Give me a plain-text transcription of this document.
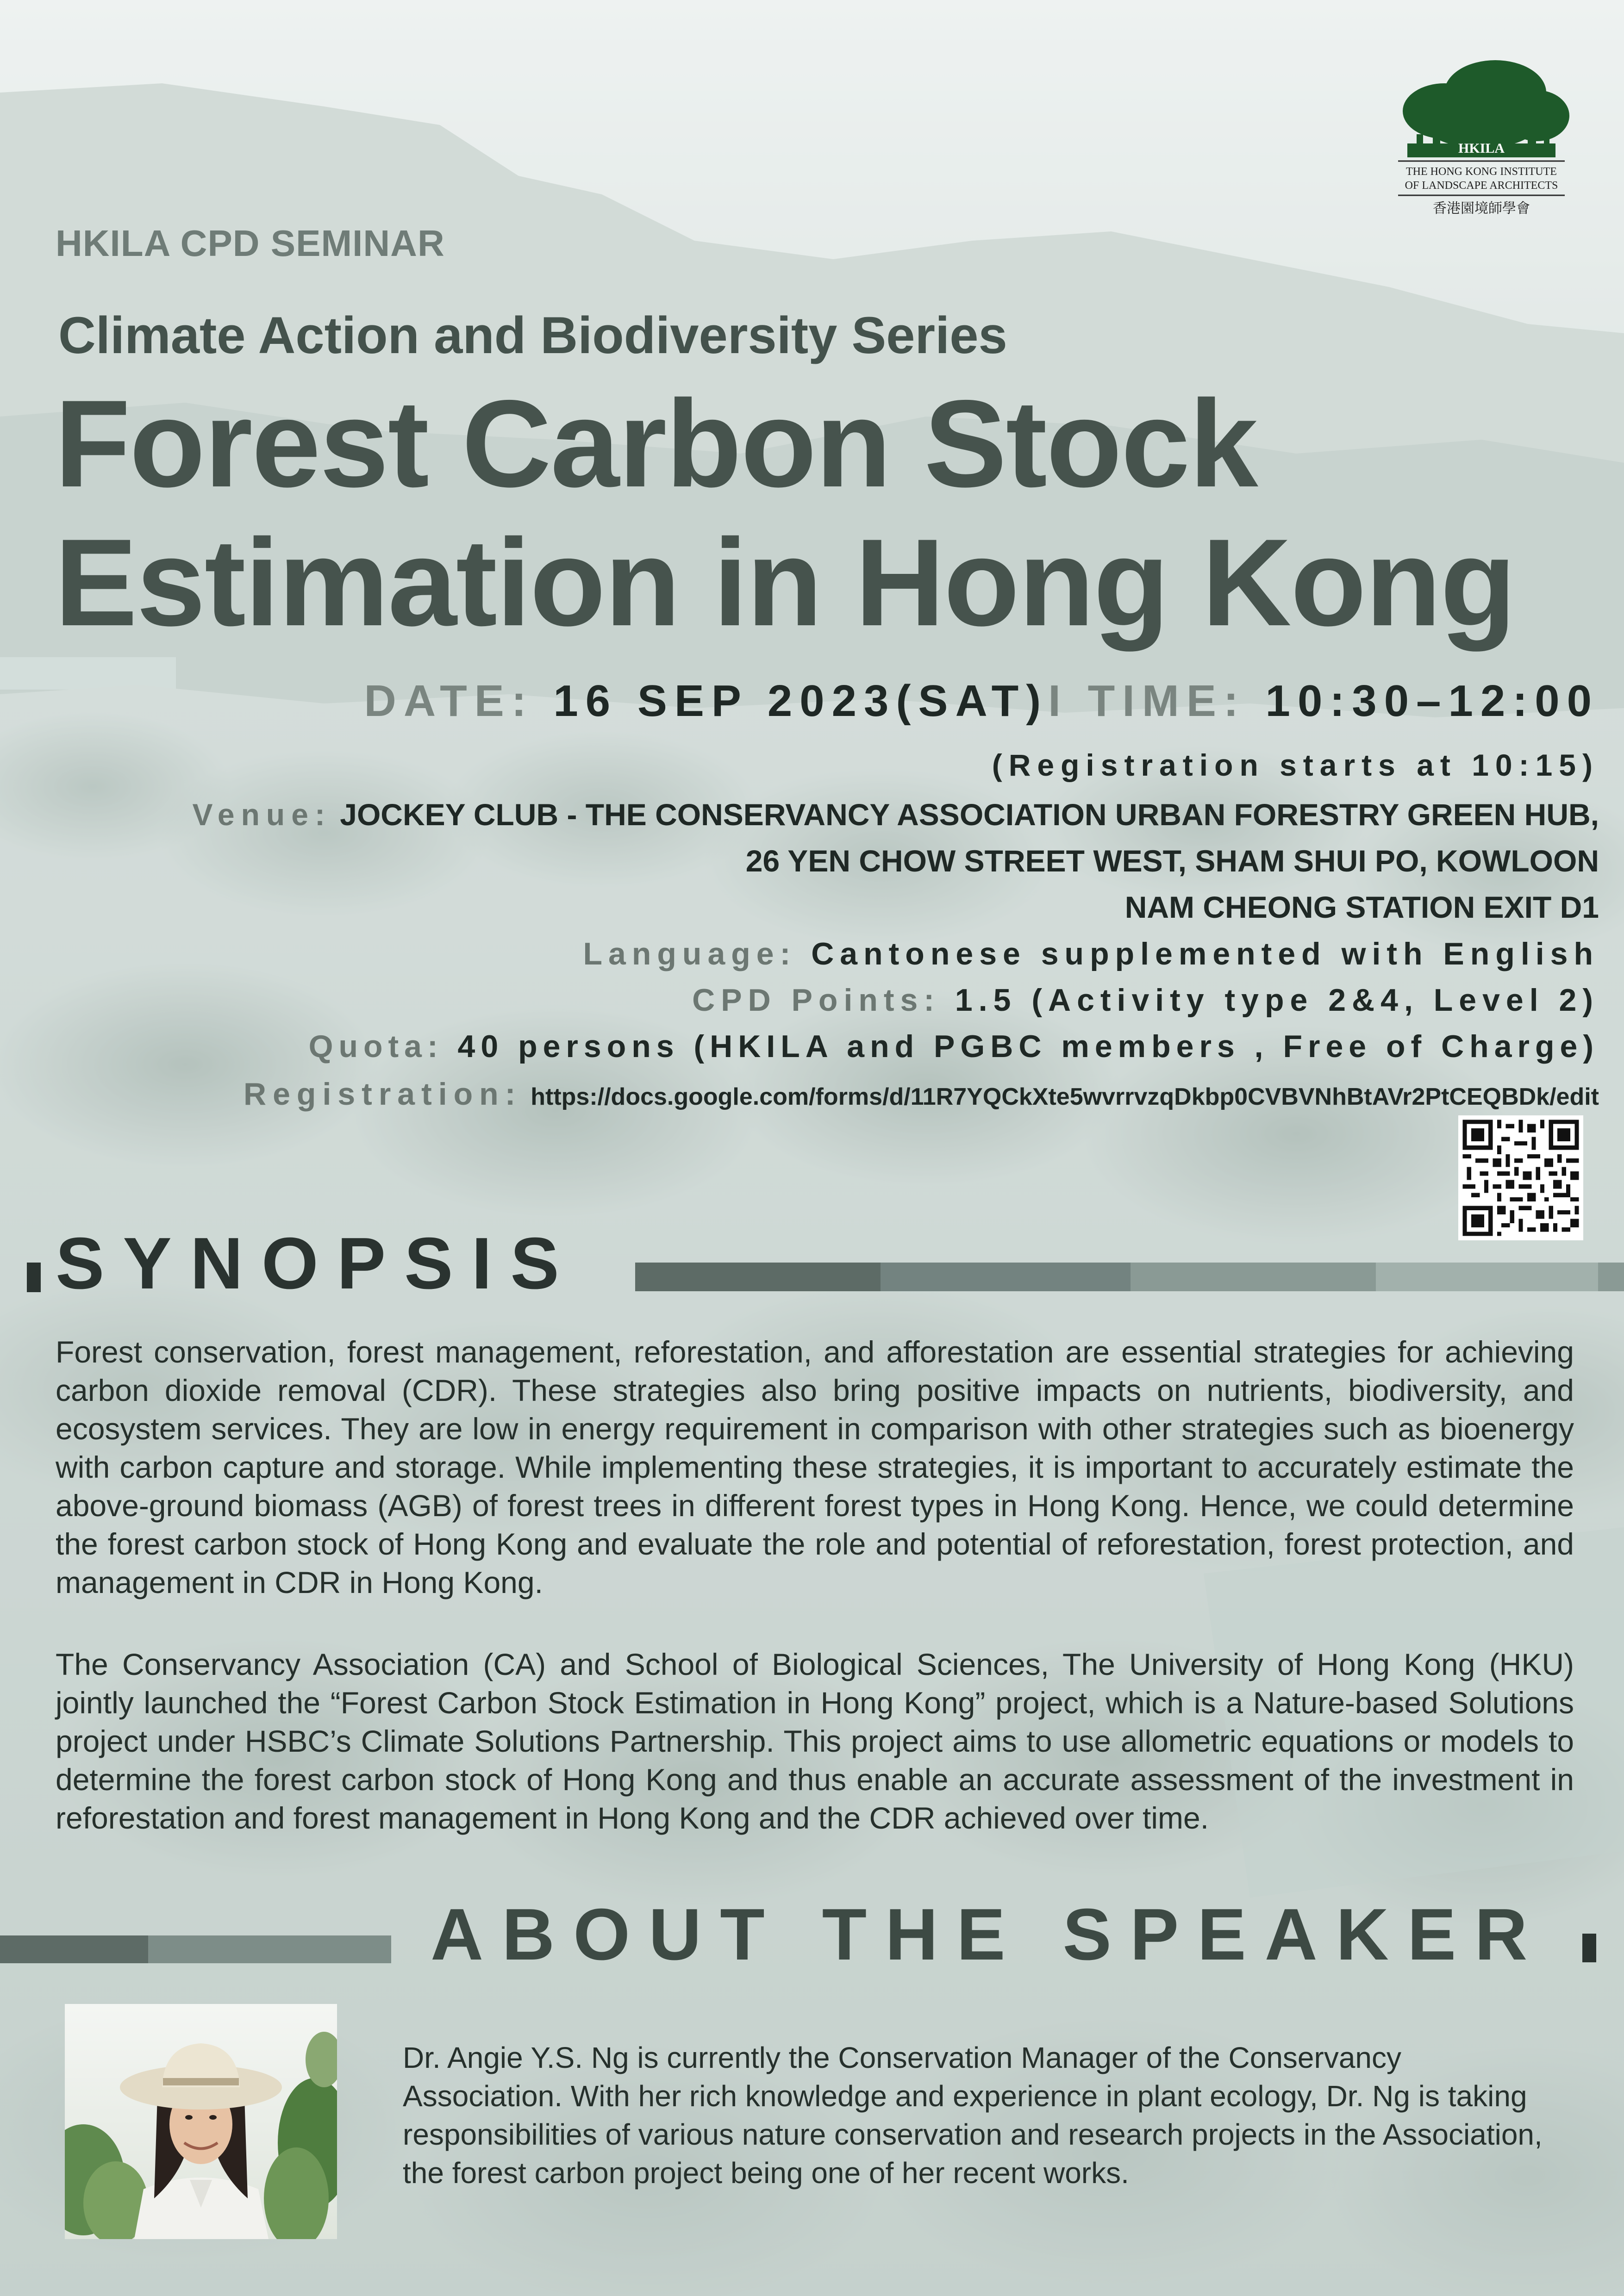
HKILA
THE HONG KONG INSTITUTE
OF LANDSCAPE ARCHITECTS
香港園境師學會
HKILA CPD SEMINAR
Climate Action and Biodiversity Series
Forest Carbon Stock
Estimation in Hong Kong
DATE: 16 SEP 2023(SAT)I TIME: 10:30–12:00
(Registration starts at 10:15)
Venue: JOCKEY CLUB - THE CONSERVANCY ASSOCIATION URBAN FORESTRY GREEN HUB,
26 YEN CHOW STREET WEST, SHAM SHUI PO, KOWLOON
NAM CHEONG STATION EXIT D1
Language: Cantonese supplemented with English
CPD Points: 1.5 (Activity type 2&4, Level 2)
Quota: 40 persons (HKILA and PGBC members , Free of Charge)
Registration: https://docs.google.com/forms/d/11R7YQCkXte5wvrrvzqDkbp0CVBVNhBtAVr2PtCEQBDk/edit
SYNOPSIS
Forest conservation, forest management, reforestation, and afforestation are essential strategies for achieving carbon dioxide removal (CDR). These strategies also bring positive impacts on nutrients, biodiversity, and ecosystem services. They are low in energy requirement in comparison with other strategies such as bioenergy with carbon capture and storage. While implementing these strategies, it is important to accurately estimate the above-ground biomass (AGB) of forest trees in different forest types in Hong Kong. Hence, we could determine the forest carbon stock of Hong Kong and evaluate the role and potential of reforestation, forest protection, and management in CDR in Hong Kong.
The Conservancy Association (CA) and School of Biological Sciences, The University of Hong Kong (HKU) jointly launched the “Forest Carbon Stock Estimation in Hong Kong” project, which is a Nature-based Solutions project under HSBC’s Climate Solutions Partnership. This project aims to use allometric equations or models to determine the forest carbon stock of Hong Kong and thus enable an accurate assessment of the investment in reforestation and forest management in Hong Kong and the CDR achieved over time.
ABOUT THE SPEAKER
Dr. Angie Y.S. Ng is currently the Conservation Manager of the Conservancy Association. With her rich knowledge and experience in plant ecology, Dr. Ng is taking responsibilities of various nature conservation and research projects in the Association, the forest carbon project being one of her recent works.
